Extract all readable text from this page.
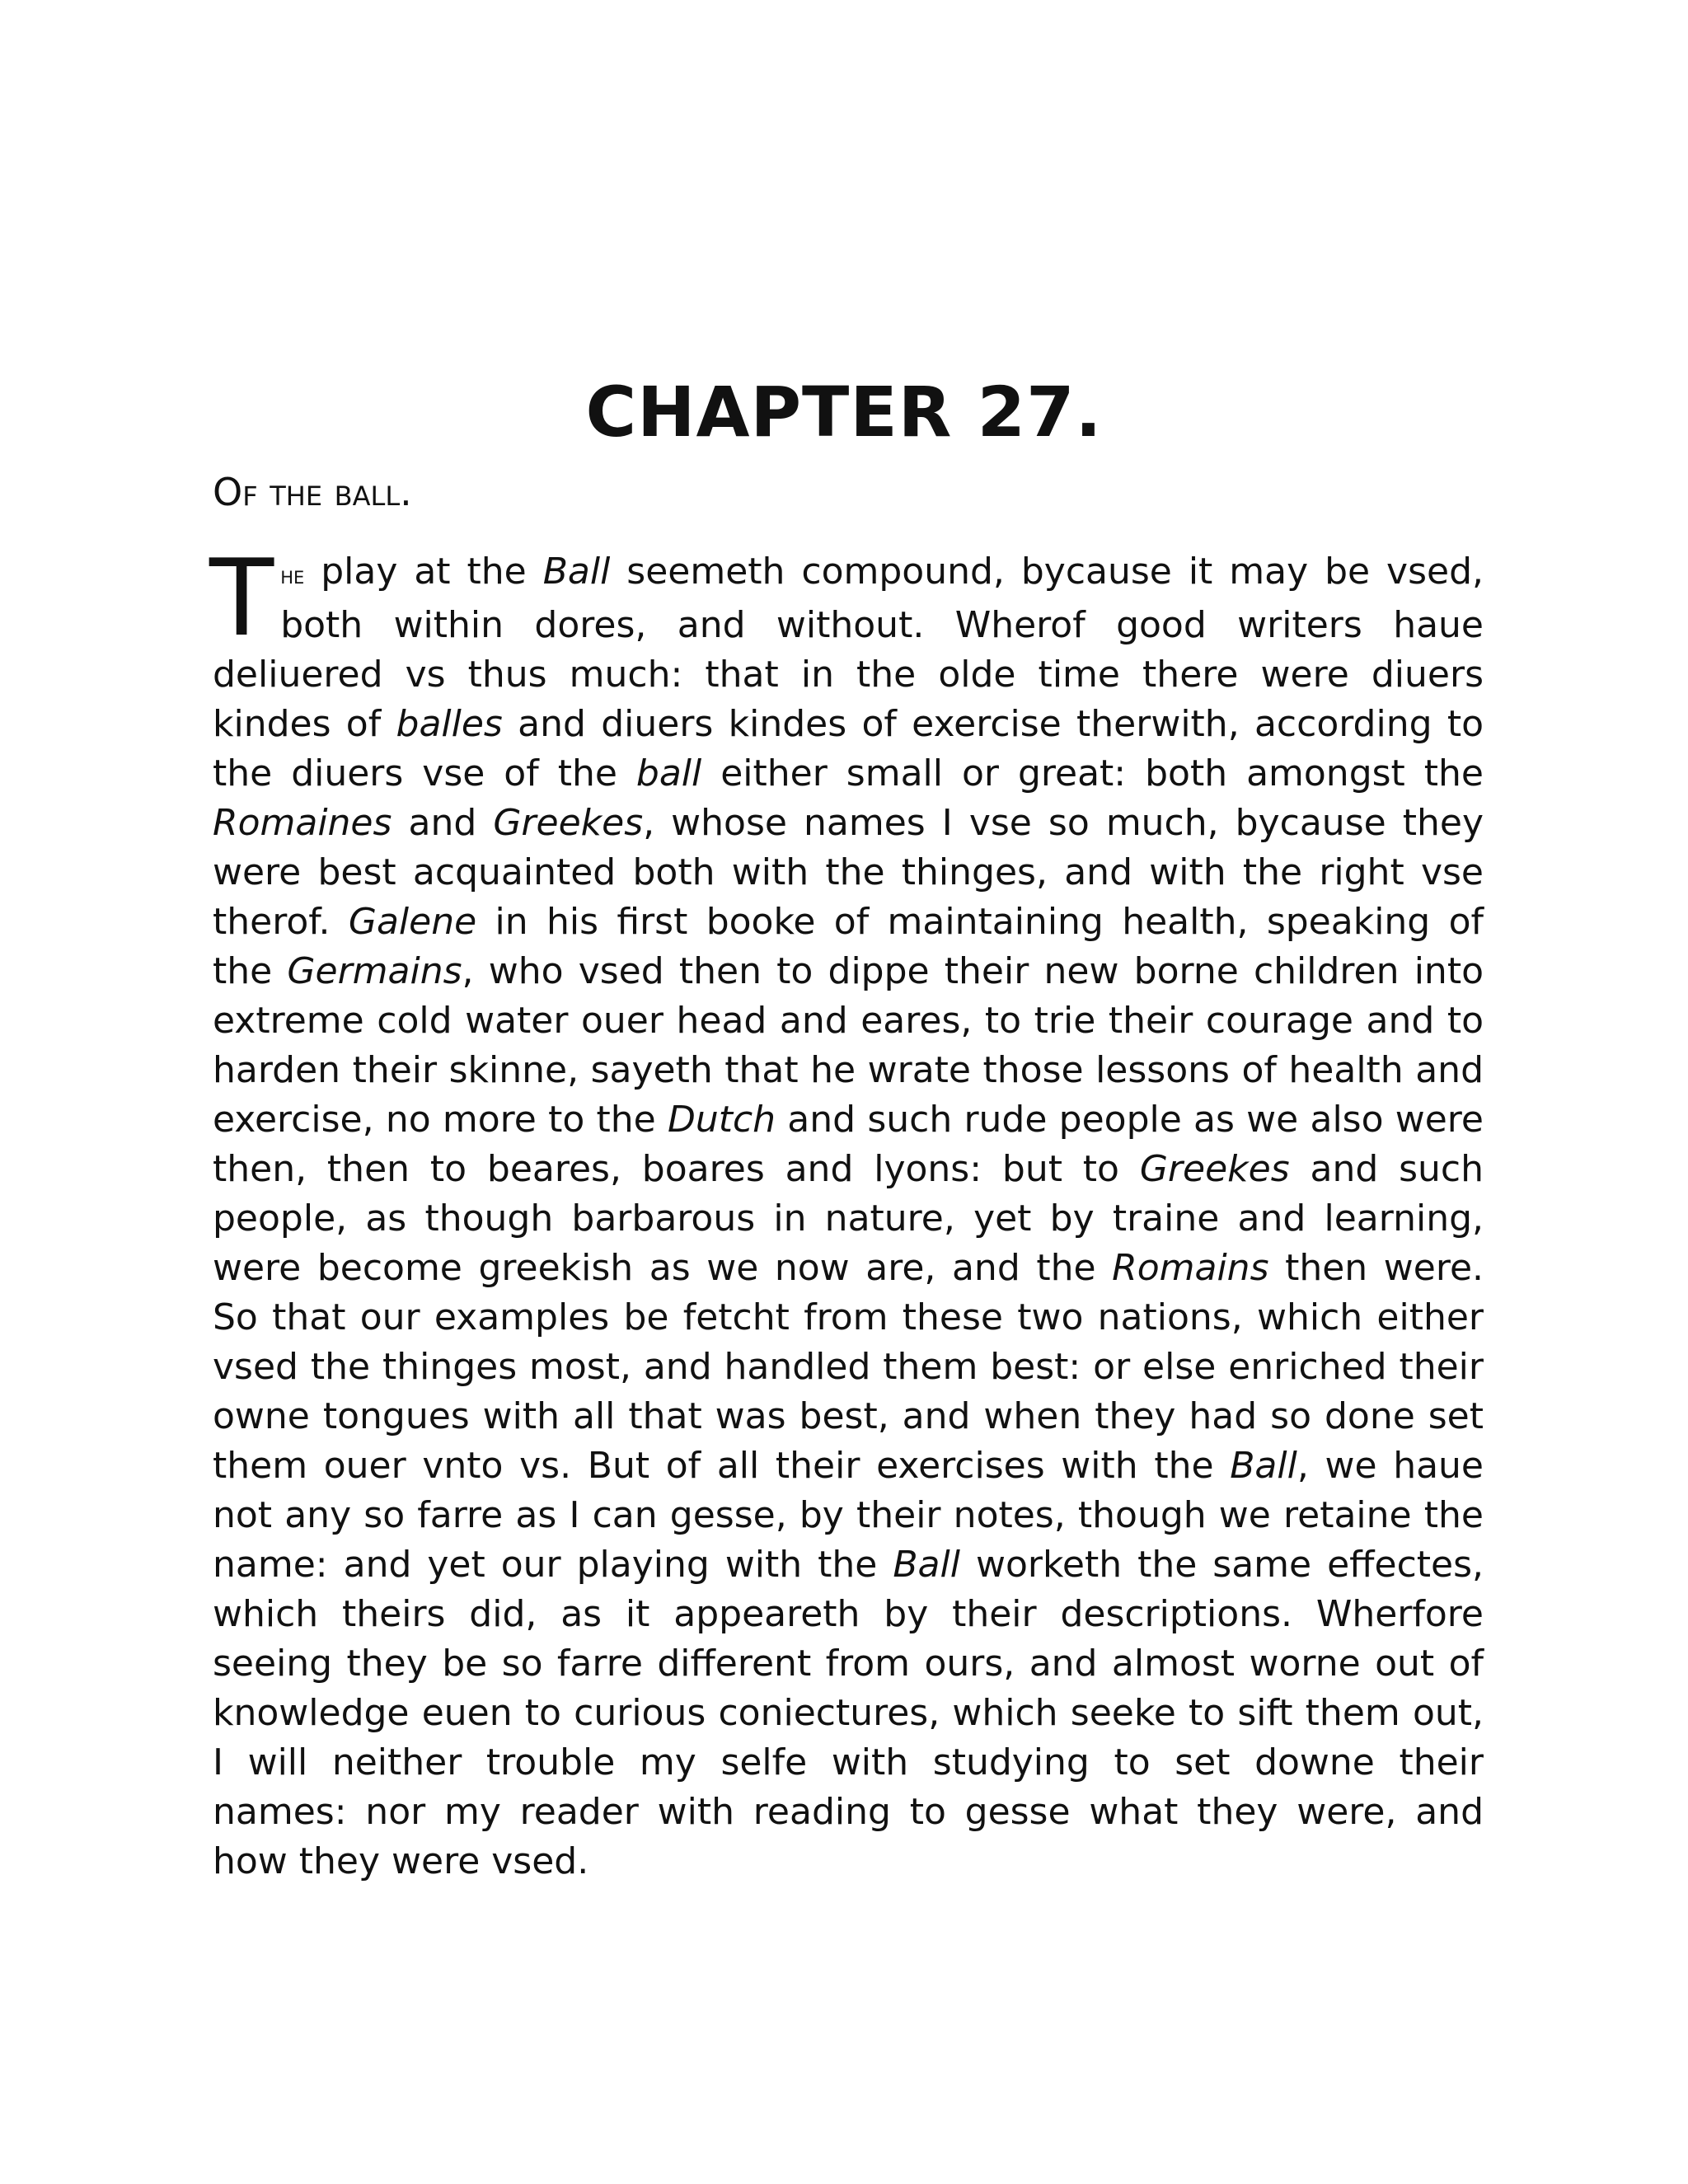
CHAPTER 27.
Of the ball.

The play at the Ball seemeth compound, bycause it may be vsed, both within dores, and without. Wherof good writers haue deliuered vs thus much: that in the olde time there were diuers kindes of balles and diuers kindes of exercise therwith, according to the diuers vse of the ball either small or great: both amongst the Romaines and Greekes, whose names I vse so much, bycause they were best acquainted both with the thinges, and with the right vse therof. Galene in his first booke of maintaining health, speaking of the Germains, who vsed then to dippe their new borne children into extreme cold water ouer head and eares, to trie their courage and to harden their skinne, sayeth that he wrate those lessons of health and exercise, no more to the Dutch and such rude people as we also were then, then to beares, boares and lyons: but to Greekes and such people, as though barbarous in nature, yet by traine and learning, were become greekish as we now are, and the Romains then were. So that our examples be fetcht from these two nations, which either vsed the thinges most, and handled them best: or else enriched their owne tongues with all that was best, and when they had so done set them ouer vnto vs. But of all their exercises with the Ball, we haue not any so farre as I can gesse, by their notes, though we retaine the name: and yet our playing with the Ball worketh the same effectes, which theirs did, as it appeareth by their descriptions. Wherfore seeing they be so farre different from ours, and almost worne out of knowledge euen to curious coniectures, which seeke to sift them out, I will neither trouble my selfe with studying to set downe their names: nor my reader with reading to gesse what they were, and how they were vsed.
